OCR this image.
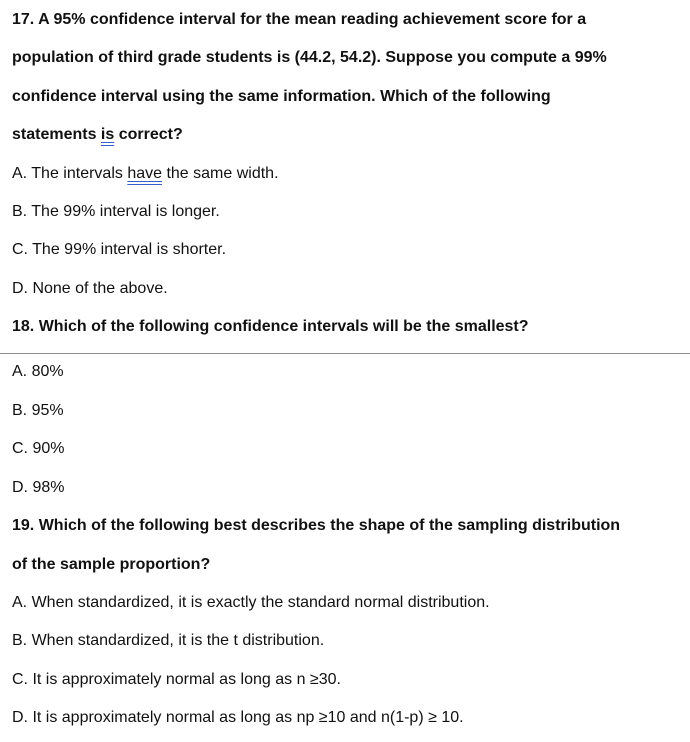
17. A 95% confidence interval for the mean reading achievement score for a
population of third grade students is (44.2, 54.2). Suppose you compute a 99%
confidence interval using the same information. Which of the following
statements is correct?
A. The intervals have the same width.
B. The 99% interval is longer.
C. The 99% interval is shorter.
D. None of the above.
18. Which of the following confidence intervals will be the smallest?
A. 80%
B. 95%
C. 90%
D. 98%
19. Which of the following best describes the shape of the sampling distribution
of the sample proportion?
A. When standardized, it is exactly the standard normal distribution.
B. When standardized, it is the t distribution.
C. It is approximately normal as long as n ≥30.
D. It is approximately normal as long as np ≥10 and n(1-p) ≥ 10.
